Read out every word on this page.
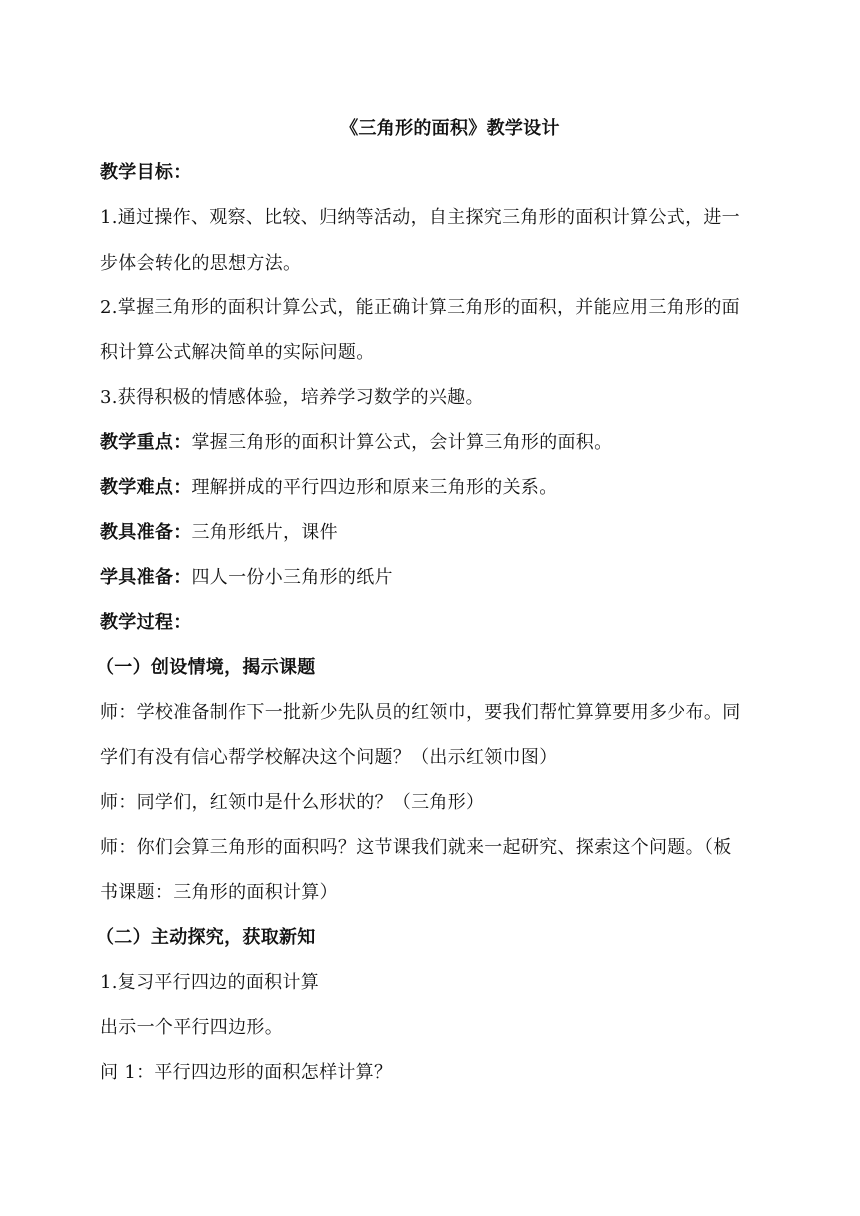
《三角形的面积》教学设计
教学目标：
1.通过操作、观察、比较、归纳等活动，自主探究三角形的面积计算公式，进一
步体会转化的思想方法。
2.掌握三角形的面积计算公式，能正确计算三角形的面积，并能应用三角形的面
积计算公式解决简单的实际问题。
3.获得积极的情感体验，培养学习数学的兴趣。
教学重点：掌握三角形的面积计算公式，会计算三角形的面积。
教学难点：理解拼成的平行四边形和原来三角形的关系。
教具准备：三角形纸片，课件
学具准备：四人一份小三角形的纸片
教学过程：
（一）创设情境，揭示课题
师：学校准备制作下一批新少先队员的红领巾，要我们帮忙算算要用多少布。同
学们有没有信心帮学校解决这个问题？（出示红领巾图）
师：同学们，红领巾是什么形状的？（三角形）
师：你们会算三角形的面积吗？这节课我们就来一起研究、探索这个问题。（板
书课题：三角形的面积计算）
（二）主动探究，获取新知
1.复习平行四边的面积计算
出示一个平行四边形。
问 1：平行四边形的面积怎样计算？
